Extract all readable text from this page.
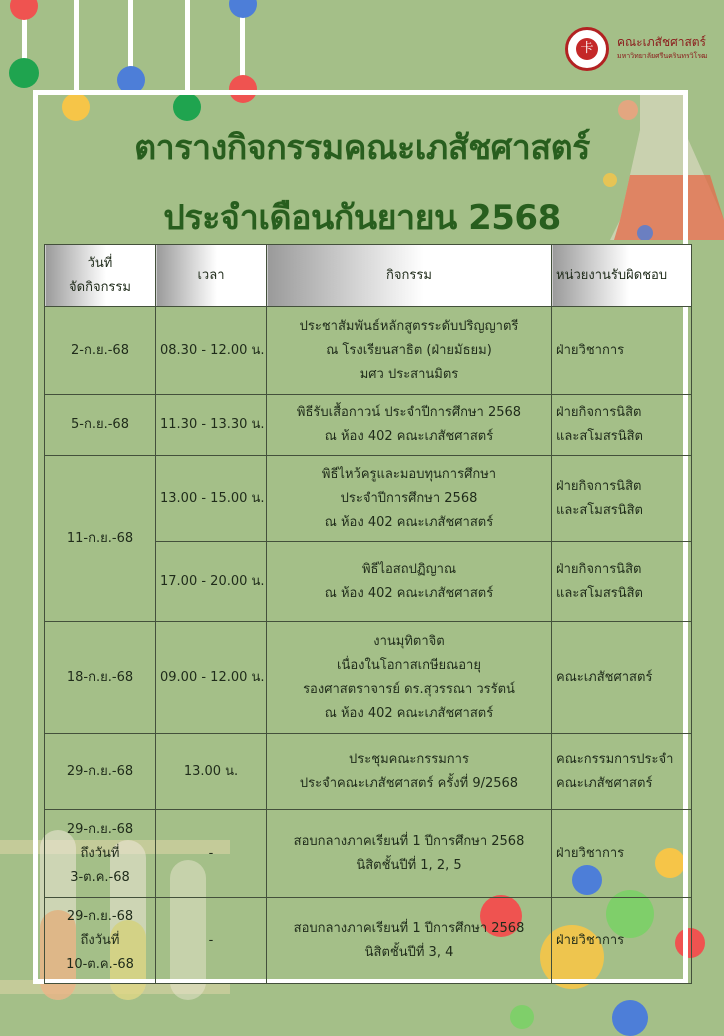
卡	คณะเภสัชศาสตร์
มหาวิทยาลัยศรีนครินทรวิโรฒ
ตารางกิจกรรมคณะเภสัชศาสตร์
ประจำเดือนกันยายน 2568
วันที่
จัดกิจกรรม	เวลา	กิจกรรม	หน่วยงานรับผิดชอบ

2-ก.ย.-68	08.30 - 12.00 น.	ประชาสัมพันธ์หลักสูตรระดับปริญญาตรี
ณ โรงเรียนสาธิต (ฝ่ายมัธยม)
มศว ประสานมิตร	ฝ่ายวิชาการ

5-ก.ย.-68	11.30 - 13.30 น.	พิธีรับเสื้อกาวน์ ประจำปีการศึกษา 2568
ณ ห้อง 402 คณะเภสัชศาสตร์	ฝ่ายกิจการนิสิต
และสโมสรนิสิต

11-ก.ย.-68	13.00 - 15.00 น.	พิธีไหว้ครูและมอบทุนการศึกษา
ประจำปีการศึกษา 2568
ณ ห้อง 402 คณะเภสัชศาสตร์	ฝ่ายกิจการนิสิต
และสโมสรนิสิต

	17.00 - 20.00 น.	พิธีไอสถปฏิญาณ
ณ ห้อง 402 คณะเภสัชศาสตร์	ฝ่ายกิจการนิสิต
และสโมสรนิสิต

18-ก.ย.-68	09.00 - 12.00 น.	งานมุทิตาจิต
เนื่องในโอกาสเกษียณอายุ
รองศาสตราจารย์ ดร.สุวรรณา วรรัตน์
ณ ห้อง 402 คณะเภสัชศาสตร์	คณะเภสัชศาสตร์

29-ก.ย.-68	13.00 น.	ประชุมคณะกรรมการ
ประจำคณะเภสัชศาสตร์ ครั้งที่ 9/2568	คณะกรรมการประจำ
คณะเภสัชศาสตร์

29-ก.ย.-68
ถึงวันที่
3-ต.ค.-68	-	สอบกลางภาคเรียนที่ 1 ปีการศึกษา 2568
นิสิตชั้นปีที่ 1, 2, 5	ฝ่ายวิชาการ

29-ก.ย.-68
ถึงวันที่
10-ต.ค.-68	-	สอบกลางภาคเรียนที่ 1 ปีการศึกษา 2568
นิสิตชั้นปีที่ 3, 4	ฝ่ายวิชาการ
